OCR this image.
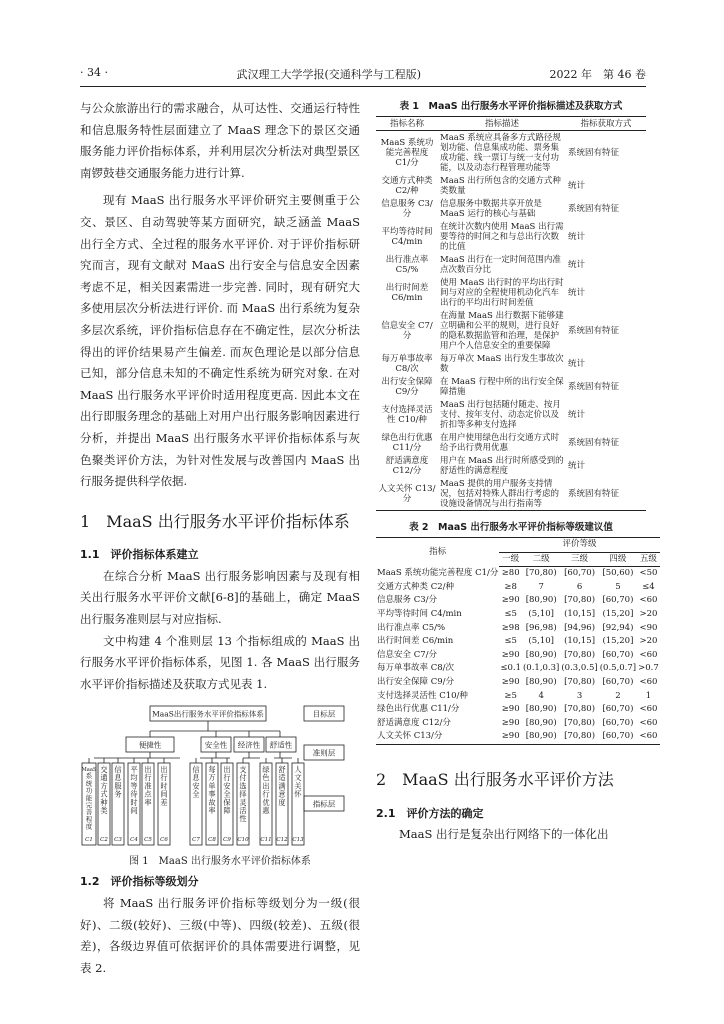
· 34 ·	武汉理工大学学报(交通科学与工程版)	2022 年　第 46 卷

与公众旅游出行的需求融合，从可达性、交通运行特性和信息服务特性层面建立了 MaaS 理念下的景区交通服务能力评价指标体系，并利用层次分析法对典型景区南锣鼓巷交通服务能力进行计算.

现有 MaaS 出行服务水平评价研究主要侧重于公交、景区、自动驾驶等某方面研究，缺乏涵盖 MaaS 出行全方式、全过程的服务水平评价. 对于评价指标研究而言，现有文献对 MaaS 出行安全与信息安全因素考虑不足，相关因素需进一步完善. 同时，现有研究大多使用层次分析法进行评价. 而 MaaS 出行系统为复杂多层次系统，评价指标信息存在不确定性，层次分析法得出的评价结果易产生偏差. 而灰色理论是以部分信息已知，部分信息未知的不确定性系统为研究对象. 在对 MaaS 出行服务水平评价时适用程度更高. 因此本文在出行即服务理念的基础上对用户出行服务影响因素进行分析，并提出 MaaS 出行服务水平评价指标体系与灰色聚类评价方法，为针对性发展与改善国内 MaaS 出行服务提供科学依据.

1　MaaS 出行服务水平评价指标体系
1.1　评价指标体系建立

在综合分析 MaaS 出行服务影响因素与及现有相关出行服务水平评价文献[6-8]的基础上，确定 MaaS 出行服务准则层与对应指标.

文中构建 4 个准则层 13 个指标组成的 MaaS 出行服务水平评价指标体系，见图 1. 各 MaaS 出行服务水平评价指标描述及获取方式见表 1.

MaaS 系统功能完善程度
C1
交通方式种类
C2
信息服务
C3
平均等待时间
C4
出行准点率
C5
出行时间差
C6
信息安全
C7
每万单事故率
C8
出行安全保障
C9
支付选择灵活性
C10
绿色出行优惠
C11
舒适满意度
C12
人文关怀
C13
MaaS出行服务水平评价指标体系	目标层
准则层
指标层
便捷性	安全性 经济性 舒适性
图 1　MaaS 出行服务水平评价指标体系
1.2　评价指标等级划分

将 MaaS 出行服务评价指标等级划分为一级(很好)、二级(较好)、三级(中等)、四级(较差)、五级(很差)，各级边界值可依据评价的具体需要进行调整，见表 2.

表 1　MaaS 出行服务水平评价指标描述及获取方式
指标名称	指标描述	指标获取方式
MaaS 系统功能完善程度 C1/分	MaaS 系统应具备多方式路径规划功能、信息集成功能、票务集成功能、线一票订与统一支付功能，以及动态行程管理功能等	系统固有特征
交通方式种类 C2/种	MaaS 出行所包含的交通方式种类数量	统计
信息服务 C3/分	信息服务中数据共享开放是 MaaS 运行的核心与基础	系统固有特征
平均等待时间 C4/min	在统计次数内使用 MaaS 出行需要等待的时间之和与总出行次数的比值	统计
出行准点率 C5/%	MaaS 出行在一定时间范围内准点次数百分比	统计
出行时间差 C6/min	使用 MaaS 出行时的平均出行时间与对应的全程使用机动化汽车出行的平均出行时间差值	统计
信息安全 C7/分	在海量 MaaS 出行数据下能够建立明确和公平的规则，进行良好的隐私数据监管和治理，是保护用户个人信息安全的重要保障	系统固有特征
每万单事故率 C8/次	每万单次 MaaS 出行发生事故次数	统计
出行安全保障 C9/分	在 MaaS 行程中所的出行安全保障措施	系统固有特征
支付选择灵活性 C10/种	MaaS 出行包括随付随走、按月支付、按年支付、动态定价以及折扣等多种支付选择	统计
绿色出行优惠 C11/分	在用户使用绿色出行交通方式时给予出行费用优惠	系统固有特征
舒适满意度 C12/分	用户在 MaaS 出行时所感受到的舒适性的满意程度	统计
人文关怀 C13/分	MaaS 提供的用户服务支持情况，包括对特殊人群出行考虑的设施设备情况与出行指南等	系统固有特征
表 2　MaaS 出行服务水平评价指标等级建议值
指标	评价等级				
	一级	二级	三级	四级	五级
MaaS 系统功能完善程度 C1/分	≥80	[70,80)	[60,70)	[50,60)	<50
交通方式种类 C2/种	≥8	7	6	5	≤4
信息服务 C3/分	≥90	[80,90)	[70,80)	[60,70)	<60
平均等待时间 C4/min	≤5	(5,10]	(10,15]	(15,20]	>20
出行准点率 C5/%	≥98	[96,98)	[94,96)	[92,94)	<90
出行时间差 C6/min	≤5	(5,10]	(10,15]	(15,20]	>20
信息安全 C7/分	≥90	[80,90)	[70,80)	[60,70)	<60
每万单事故率 C8/次	≤0.1	(0.1,0.3]	(0.3,0.5]	(0.5,0.7]	>0.7
出行安全保障 C9/分	≥90	[80,90)	[70,80)	[60,70)	<60
支付选择灵活性 C10/种	≥5	4	3	2	1
绿色出行优惠 C11/分	≥90	[80,90)	[70,80)	[60,70)	<60
舒适满意度 C12/分	≥90	[80,90)	[70,80)	[60,70)	<60
人文关怀 C13/分	≥90	[80,90)	[70,80)	[60,70)	<60
2　MaaS 出行服务水平评价方法
2.1　评价方法的确定

MaaS 出行是复杂出行网络下的一体化出
